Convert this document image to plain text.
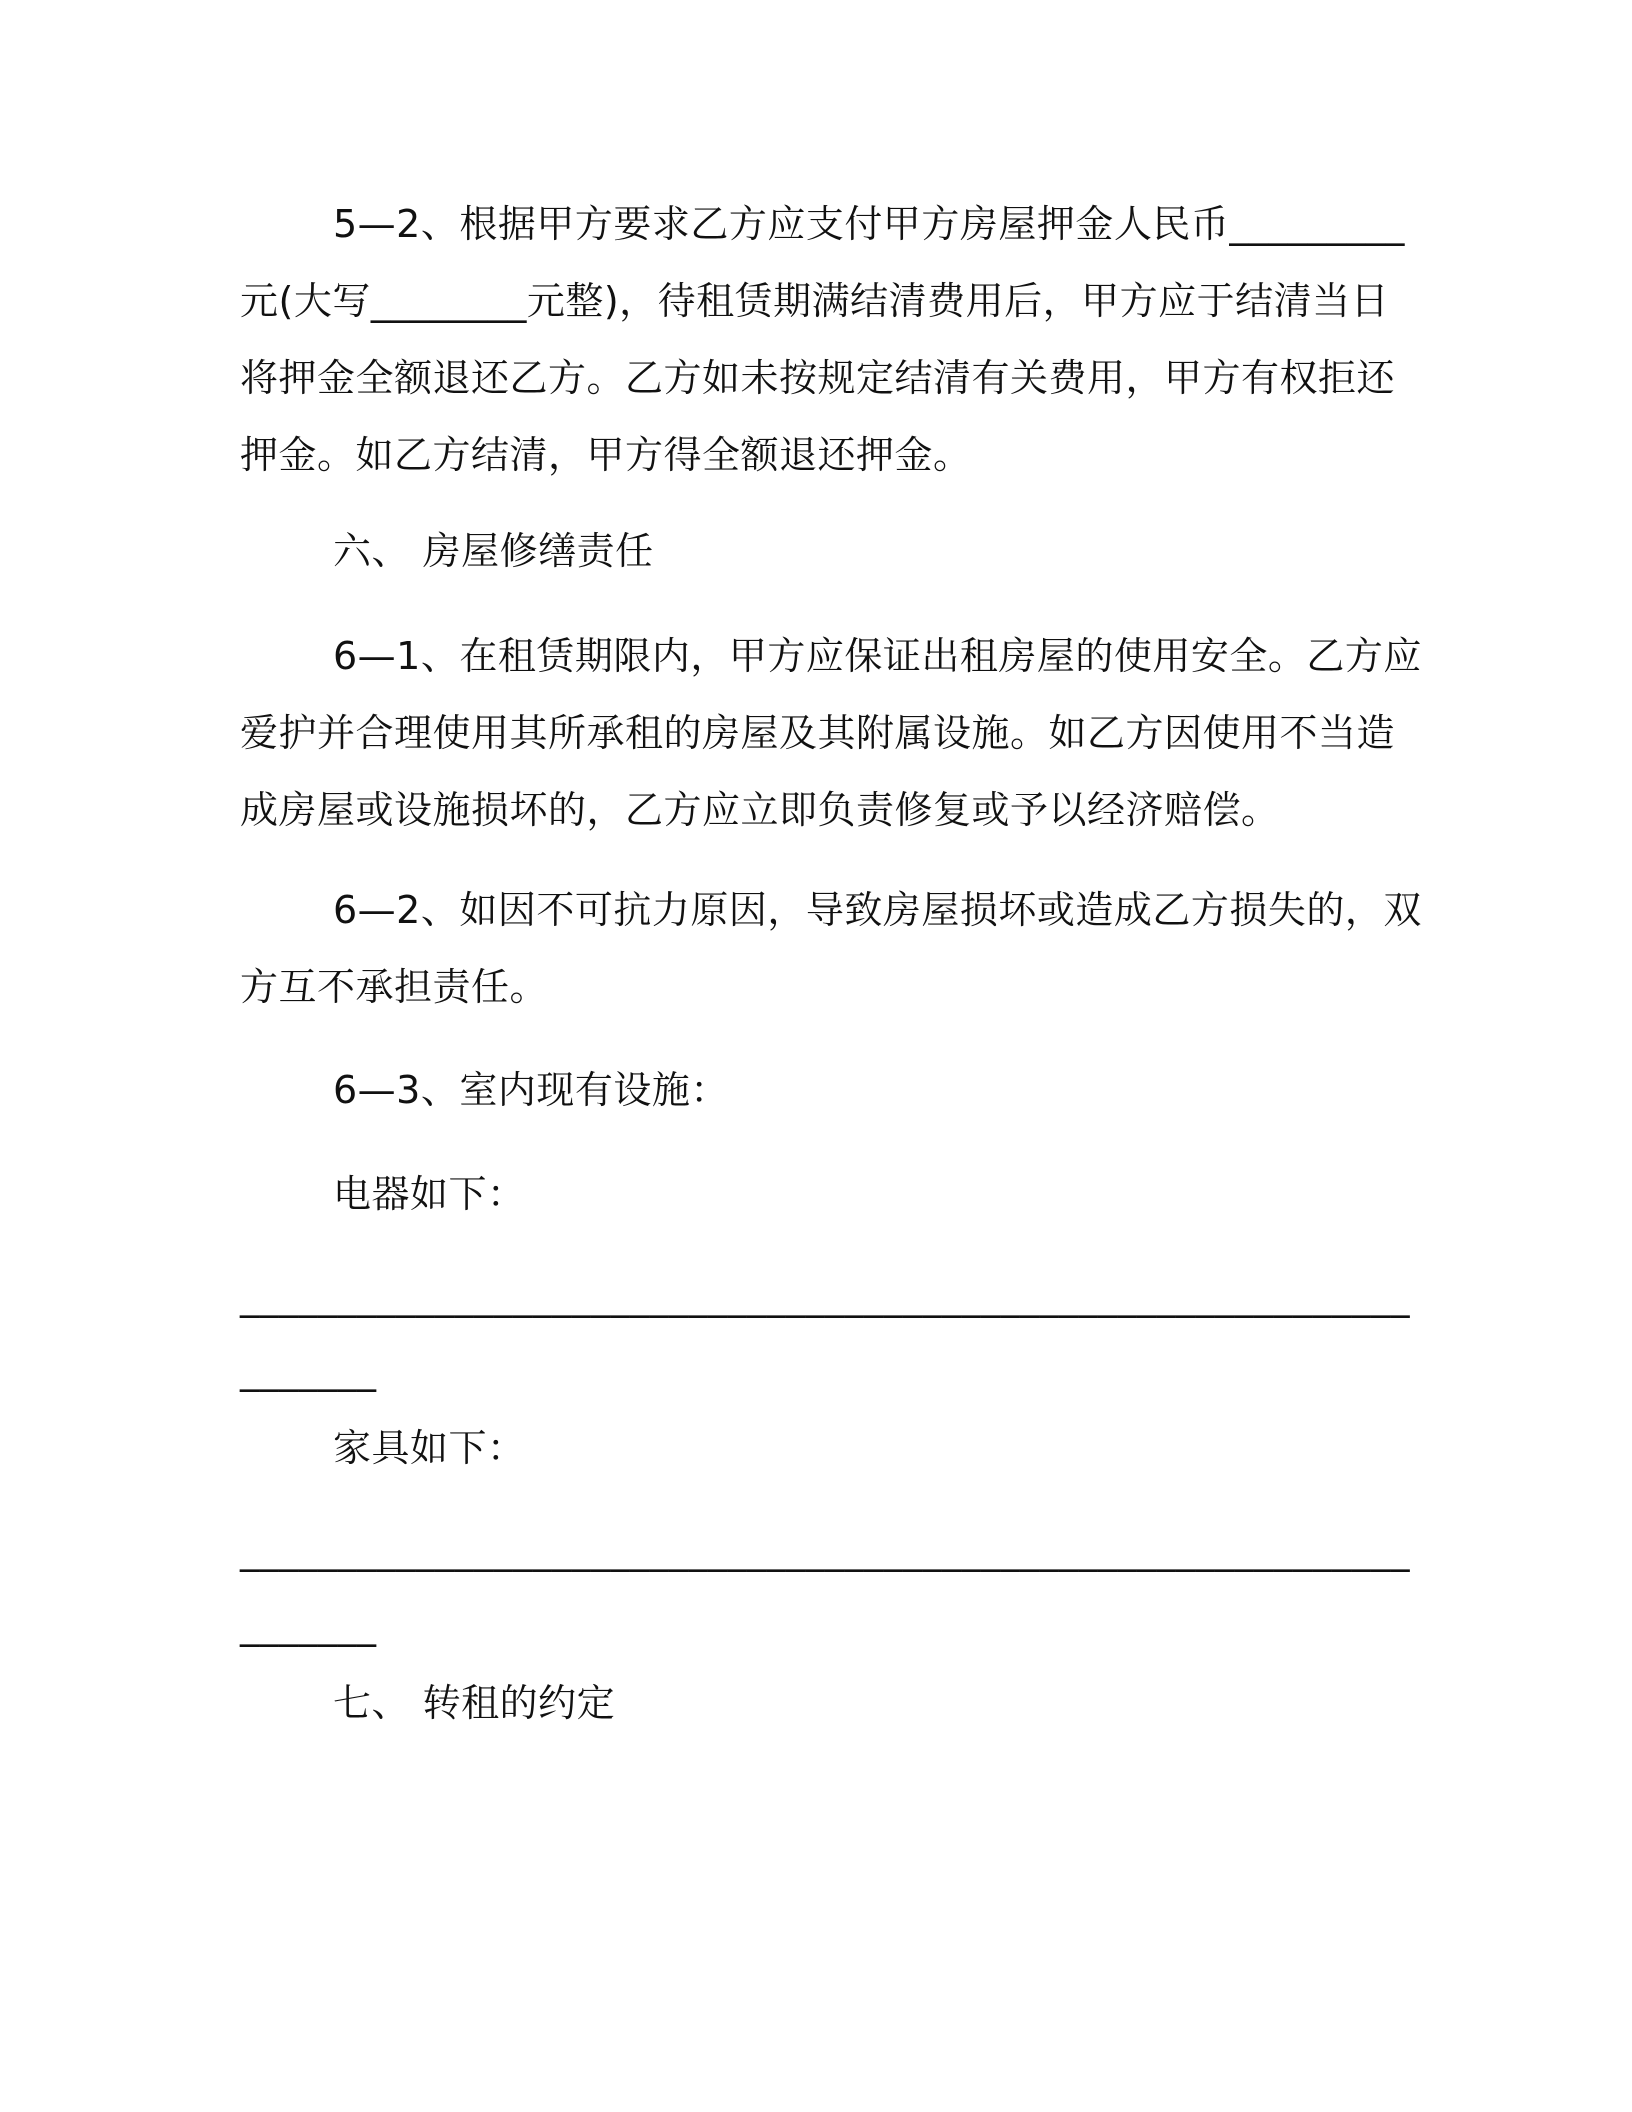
5—2、根据甲方要求乙方应支付甲方房屋押金人民币_________
元(大写________元整)，待租赁期满结清费用后，甲方应于结清当日
将押金全额退还乙方。乙方如未按规定结清有关费用，甲方有权拒还
押金。如乙方结清，甲方得全额退还押金。
六、 房屋修缮责任
6—1、在租赁期限内，甲方应保证出租房屋的使用安全。乙方应
爱护并合理使用其所承租的房屋及其附属设施。如乙方因使用不当造
成房屋或设施损坏的，乙方应立即负责修复或予以经济赔偿。
6—2、如因不可抗力原因，导致房屋损坏或造成乙方损失的，双
方互不承担责任。
6—3、室内现有设施：
电器如下：
____________________________________________________________
_______
家具如下：
____________________________________________________________
_______
七、 转租的约定
